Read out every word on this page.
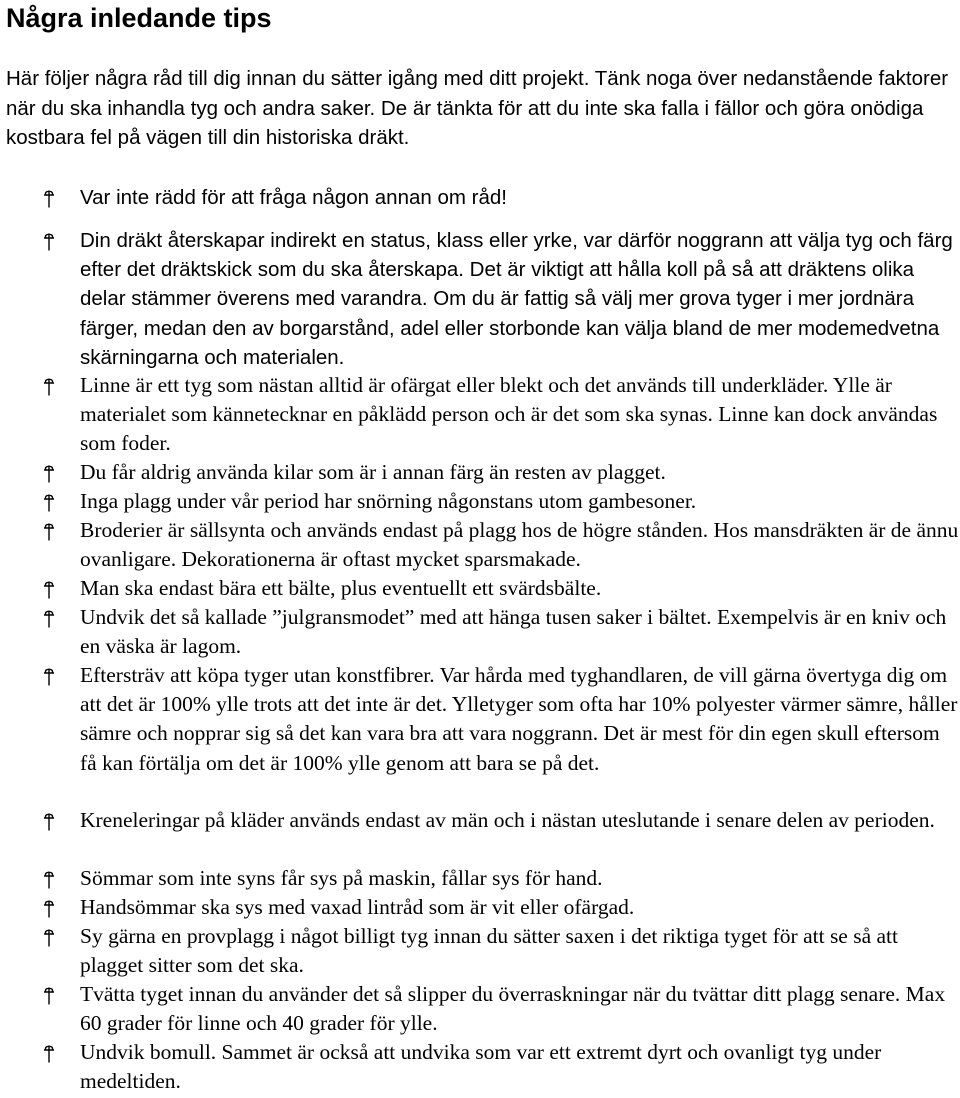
Några inledande tips

Här följer några råd till dig innan du sätter igång med ditt projekt. Tänk noga över nedanstående faktorer när du ska inhandla tyg och andra saker. De är tänkta för att du inte ska falla i fällor och göra onödiga kostbara fel på vägen till din historiska dräkt.

Var inte rädd för att fråga någon annan om råd!
Din dräkt återskapar indirekt en status, klass eller yrke, var därför noggrann att välja tyg och färg efter det dräktskick som du ska återskapa. Det är viktigt att hålla koll på så att dräktens olika delar stämmer överens med varandra. Om du är fattig så välj mer grova tyger i mer jordnära färger, medan den av borgarstånd, adel eller storbonde kan välja bland de mer modemedvetna skärningarna och materialen.
Linne är ett tyg som nästan alltid är ofärgat eller blekt och det används till underkläder. Ylle är materialet som kännetecknar en påklädd person och är det som ska synas. Linne kan dock användas som foder.
Du får aldrig använda kilar som är i annan färg än resten av plagget.
Inga plagg under vår period har snörning någonstans utom gambesoner.
Broderier är sällsynta och används endast på plagg hos de högre stånden. Hos mansdräkten är de ännu ovanligare. Dekorationerna är oftast mycket sparsmakade.
Man ska endast bära ett bälte, plus eventuellt ett svärdsbälte.
Undvik det så kallade ”julgransmodet” med att hänga tusen saker i bältet. Exempelvis är en kniv och en väska är lagom.
Eftersträv att köpa tyger utan konstfibrer. Var hårda med tyghandlaren, de vill gärna övertyga dig om att det är 100% ylle trots att det inte är det. Ylletyger som ofta har 10% polyester värmer sämre, håller sämre och nopprar sig så det kan vara bra att vara noggrann. Det är mest för din egen skull eftersom få kan förtälja om det är 100% ylle genom att bara se på det.
Kreneleringar på kläder används endast av män och i nästan uteslutande i senare delen av perioden.
Sömmar som inte syns får sys på maskin, fållar sys för hand.
Handsömmar ska sys med vaxad lintråd som är vit eller ofärgad.
Sy gärna en provplagg i något billigt tyg innan du sätter saxen i det riktiga tyget för att se så att plagget sitter som det ska.
Tvätta tyget innan du använder det så slipper du överraskningar när du tvättar ditt plagg senare. Max 60 grader för linne och 40 grader för ylle.
Undvik bomull. Sammet är också att undvika som var ett extremt dyrt och ovanligt tyg under medeltiden.
